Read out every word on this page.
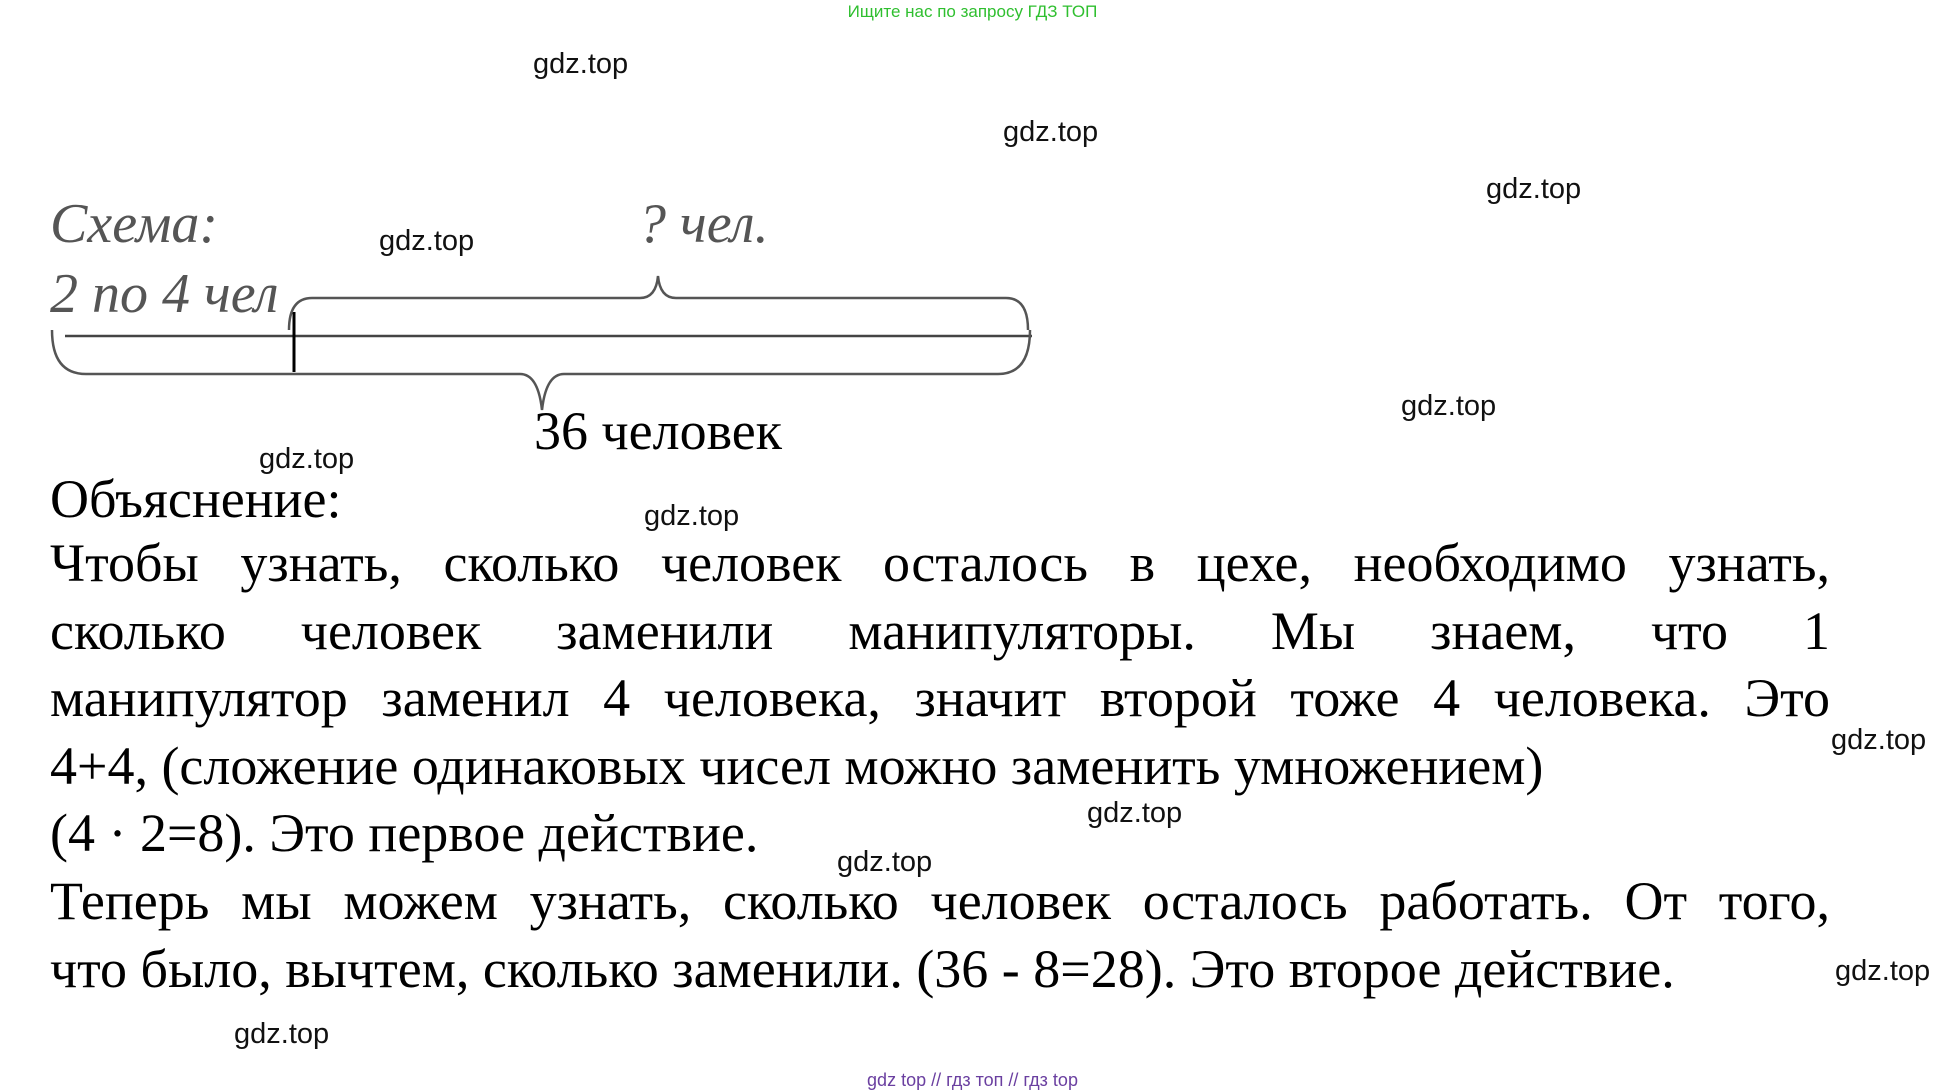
Ищите нас по запросу ГДЗ ТОП
gdz.top
gdz.top
gdz.top
gdz.top
gdz.top
gdz.top
gdz.top
gdz.top
gdz.top
gdz.top
gdz.top
gdz.top
Схема:
2 по 4 чел
? чел.
36 человек
Объяснение:
Чтобы узнать, сколько человек осталось в цехе, необходимо узнать,
сколько человек заменили манипуляторы. Мы знаем, что 1
манипулятор заменил 4 человека, значит второй тоже 4 человека. Это
4+4, (сложение одинаковых чисел можно заменить умножением)
(4 · 2=8). Это первое действие.
Теперь мы можем узнать, сколько человек осталось работать. От того,
что было, вычтем, сколько заменили. (36 - 8=28). Это второе действие.
gdz top // гдз топ // гдз top
